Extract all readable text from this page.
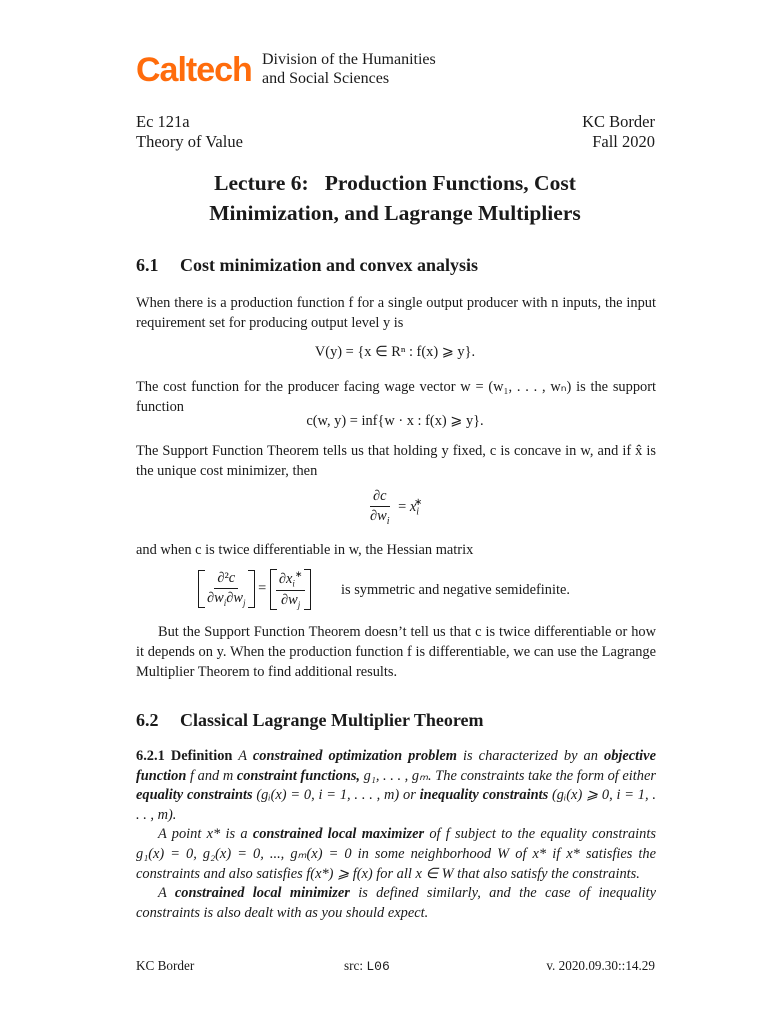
Caltech Division of the Humanities
and Social Sciences
Ec 121a
Theory of Value
KC Border
Fall 2020
Lecture 6:   Production Functions, Cost
Minimization, and Lagrange Multipliers
6.1 Cost minimization and convex analysis
When there is a production function f for a single output producer with n inputs, the input requirement set for producing output level y is
V(y) = {x ∈ Rⁿ : f(x) ⩾ y}.
The cost function for the producer facing wage vector w = (w₁, . . . , wₙ) is the support function
c(w, y) = inf{w · x : f(x) ⩾ y}.
The Support Function Theorem tells us that holding y fixed, c is concave in w, and if x̂ is the unique cost minimizer, then
$\frac{\partial c}{\partial w_i} = x_i^∗$
and when c is twice differentiable in w, the Hessian matrix
$\frac{\text{∂²c}}{\partial w_i\partial w_j} = \frac{\partial x_i^∗}{\partial w_j}$ is symmetric and negative semidefinite.
But the Support Function Theorem doesn’t tell us that c is twice differentiable or how it depends on y. When the production function f is differentiable, we can use the Lagrange Multiplier Theorem to find additional results.
6.2 Classical Lagrange Multiplier Theorem
6.2.1 Definition A constrained optimization problem is characterized by an objective function f and m constraint functions, g₁, . . . , gₘ. The constraints take the form of either equality constraints (gᵢ(x) = 0, i = 1, . . . , m) or inequality constraints (gᵢ(x) ⩾ 0, i = 1, . . . , m).
A point x* is a constrained local maximizer of f subject to the equality constraints g₁(x) = 0, g₂(x) = 0, ..., gₘ(x) = 0 in some neighborhood W of x* if x* satisfies the constraints and also satisfies f(x*) ⩾ f(x) for all x ∈ W that also satisfy the constraints.
A constrained local minimizer is defined similarly, and the case of inequality constraints is also dealt with as you should expect.
KC Border	src: L06	v. 2020.09.30::14.29
